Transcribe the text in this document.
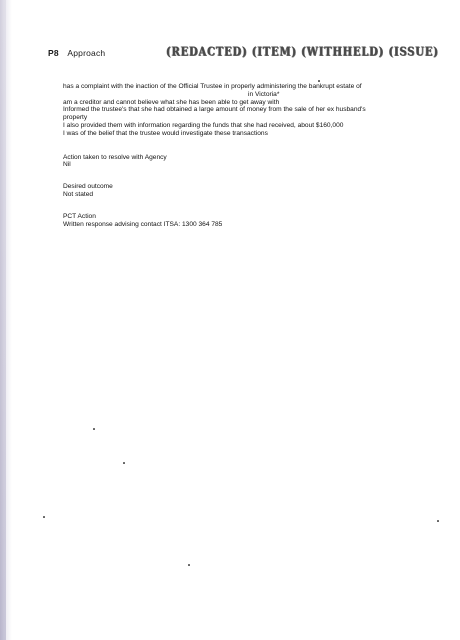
P8 Approach	(REDACTED) (ITEM) (WITHHELD) (ISSUE)
has a complaint with the inaction of the Official Trustee in properly administering the bankrupt estate of
in Victoria*
am a creditor and cannot believe what she has been able to get away with
Informed the trustee's that she had obtained a large amount of money from the sale of her ex husband's
property
I also provided them with information regarding the funds that she had received, about $160,000
I was of the belief that the trustee would investigate these transactions
Action taken to resolve with Agency
Nil
Desired outcome
Not stated
PCT Action
Written response advising contact ITSA: 1300 364 785
